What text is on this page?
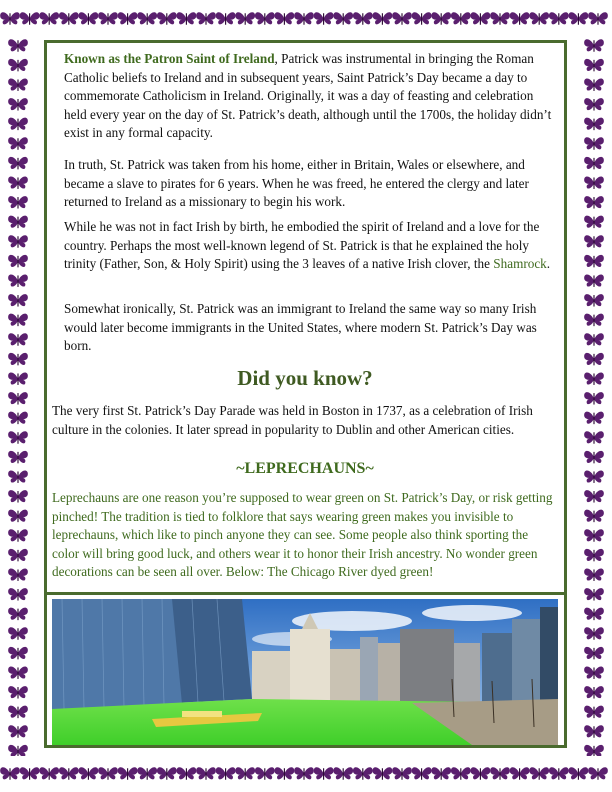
Known as the Patron Saint of Ireland, Patrick was instrumental in bringing the Roman Catholic beliefs to Ireland and in subsequent years, Saint Patrick’s Day became a day to commemorate Catholicism in Ireland. Originally, it was a day of feasting and celebration held every year on the day of St. Patrick’s death, although until the 1700s, the holiday didn’t exist in any formal capacity.

In truth, St. Patrick was taken from his home, either in Britain, Wales or elsewhere, and became a slave to pirates for 6 years. When he was freed, he entered the clergy and later returned to Ireland as a missionary to begin his work.

While he was not in fact Irish by birth, he embodied the spirit of Ireland and a love for the country. Perhaps the most well-known legend of St. Patrick is that he explained the holy trinity (Father, Son, & Holy Spirit) using the 3 leaves of a native Irish clover, the Shamrock.

Somewhat ironically, St. Patrick was an immigrant to Ireland the same way so many Irish would later become immigrants in the United States, where modern St. Patrick’s Day was born.

Did you know?

The very first St. Patrick’s Day Parade was held in Boston in 1737, as a celebration of Irish culture in the colonies. It later spread in popularity to Dublin and other American cities.

~LEPRECHAUNS~

Leprechauns are one reason you’re supposed to wear green on St. Patrick’s Day, or risk getting pinched! The tradition is tied to folklore that says wearing green makes you invisible to leprechauns, which like to pinch anyone they can see. Some people also think sporting the color will bring good luck, and others wear it to honor their Irish ancestry. No wonder green decorations can be seen all over. Below: The Chicago River dyed green!
